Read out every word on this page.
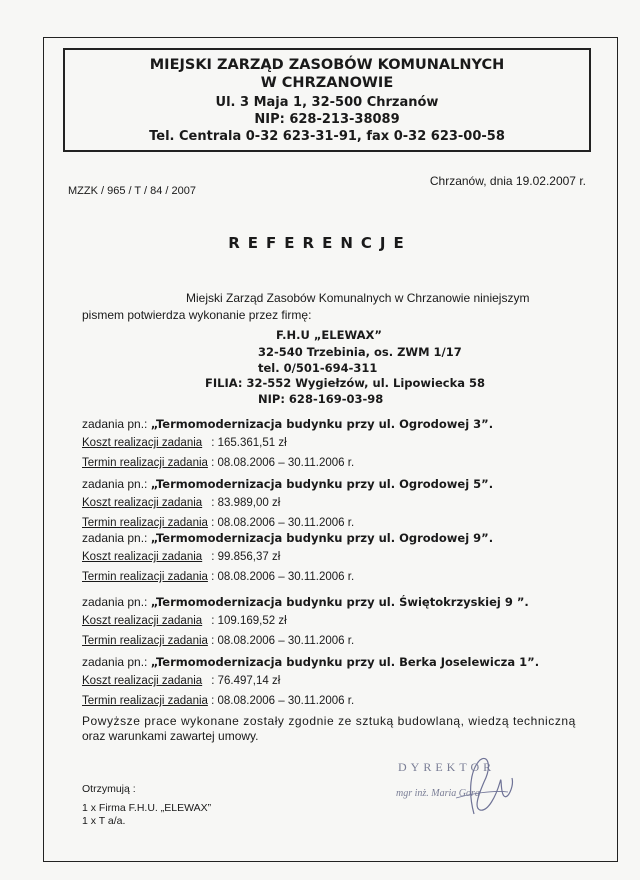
MIEJSKI ZARZĄD ZASOBÓW KOMUNALNYCH
W CHRZANOWIE
Ul. 3 Maja 1, 32-500 Chrzanów
NIP: 628-213-38089
Tel. Centrala 0-32 623-31-91, fax 0-32 623-00-58
Chrzanów, dnia 19.02.2007 r.
MZZK / 965 / T / 84 / 2007
REFERENCJE
Miejski Zarząd Zasobów Komunalnych w Chrzanowie niniejszym
pismem potwierdza wykonanie przez firmę:
F.H.U „ELEWAX”
32-540 Trzebinia, os. ZWM 1/17
tel. 0/501-694-311
FILIA: 32-552 Wygiełzów, ul. Lipowiecka 58
NIP: 628-169-03-98
zadania pn.: „Termomodernizacja budynku przy ul. Ogrodowej 3”.
Koszt realizacji zadania : 165.361,51 zł
Termin realizacji zadania : 08.08.2006 – 30.11.2006 r.
zadania pn.: „Termomodernizacja budynku przy ul. Ogrodowej 5”.
Koszt realizacji zadania : 83.989,00 zł
Termin realizacji zadania : 08.08.2006 – 30.11.2006 r.
zadania pn.: „Termomodernizacja budynku przy ul. Ogrodowej 9”.
Koszt realizacji zadania : 99.856,37 zł
Termin realizacji zadania : 08.08.2006 – 30.11.2006 r.
zadania pn.: „Termomodernizacja budynku przy ul. Świętokrzyskiej 9 ”.
Koszt realizacji zadania : 109.169,52 zł
Termin realizacji zadania : 08.08.2006 – 30.11.2006 r.
zadania pn.: „Termomodernizacja budynku przy ul. Berka Joselewicza 1”.
Koszt realizacji zadania : 76.497,14 zł
Termin realizacji zadania : 08.08.2006 – 30.11.2006 r.
Powyższe prace wykonane zostały zgodnie ze sztuką budowlaną, wiedzą techniczną
oraz warunkami zawartej umowy.
Otrzymują :
1 x Firma F.H.U. „ELEWAX”
1 x T a/a.
DYREKTOR
mgr inż. Maria Gora
